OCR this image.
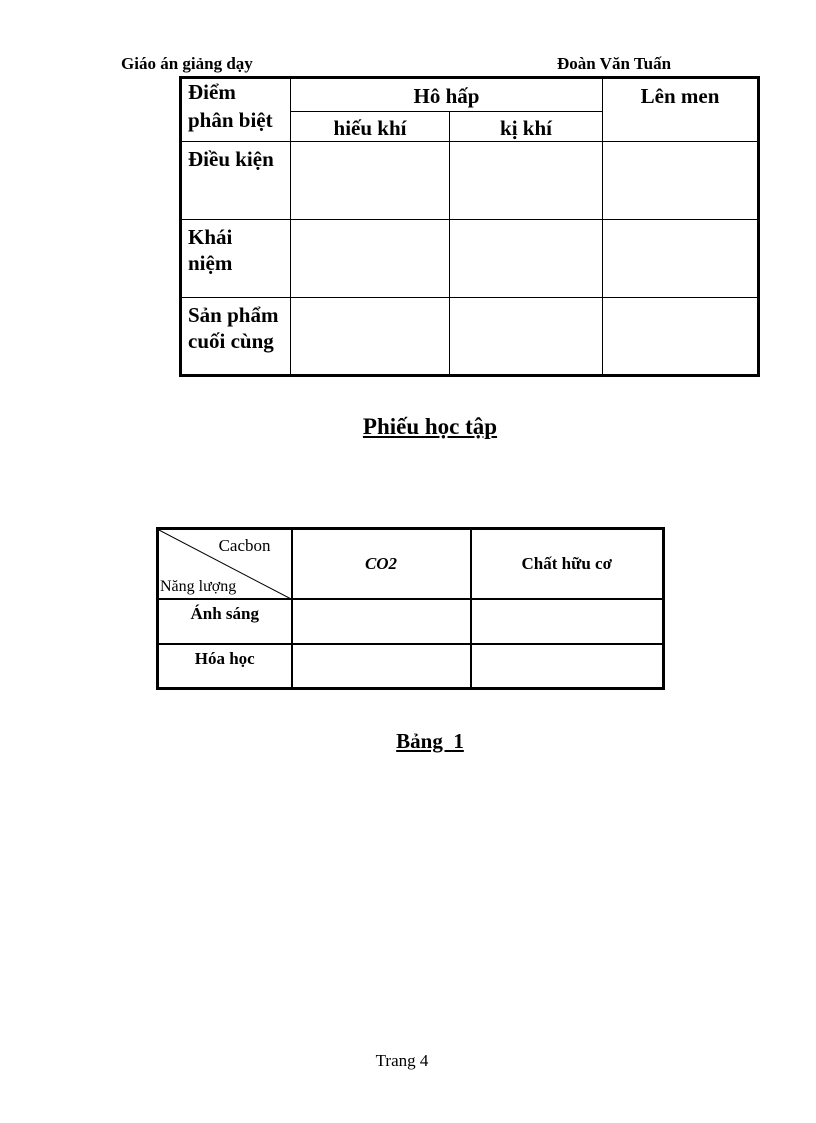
Giáo án giảng dạy	Đoàn Văn Tuấn
Điểm
phân biệt	Hô hấp		Lên men
	hiếu khí	kị khí	

Điều kiện			

Khái
niệm			

Sản phẩm
cuối cùng			

Phiếu học tập
Cacbon
Năng lượng	CO2	Chất hữu cơ
Ánh sáng		
Hóa học		
Bảng  1
Trang 4
